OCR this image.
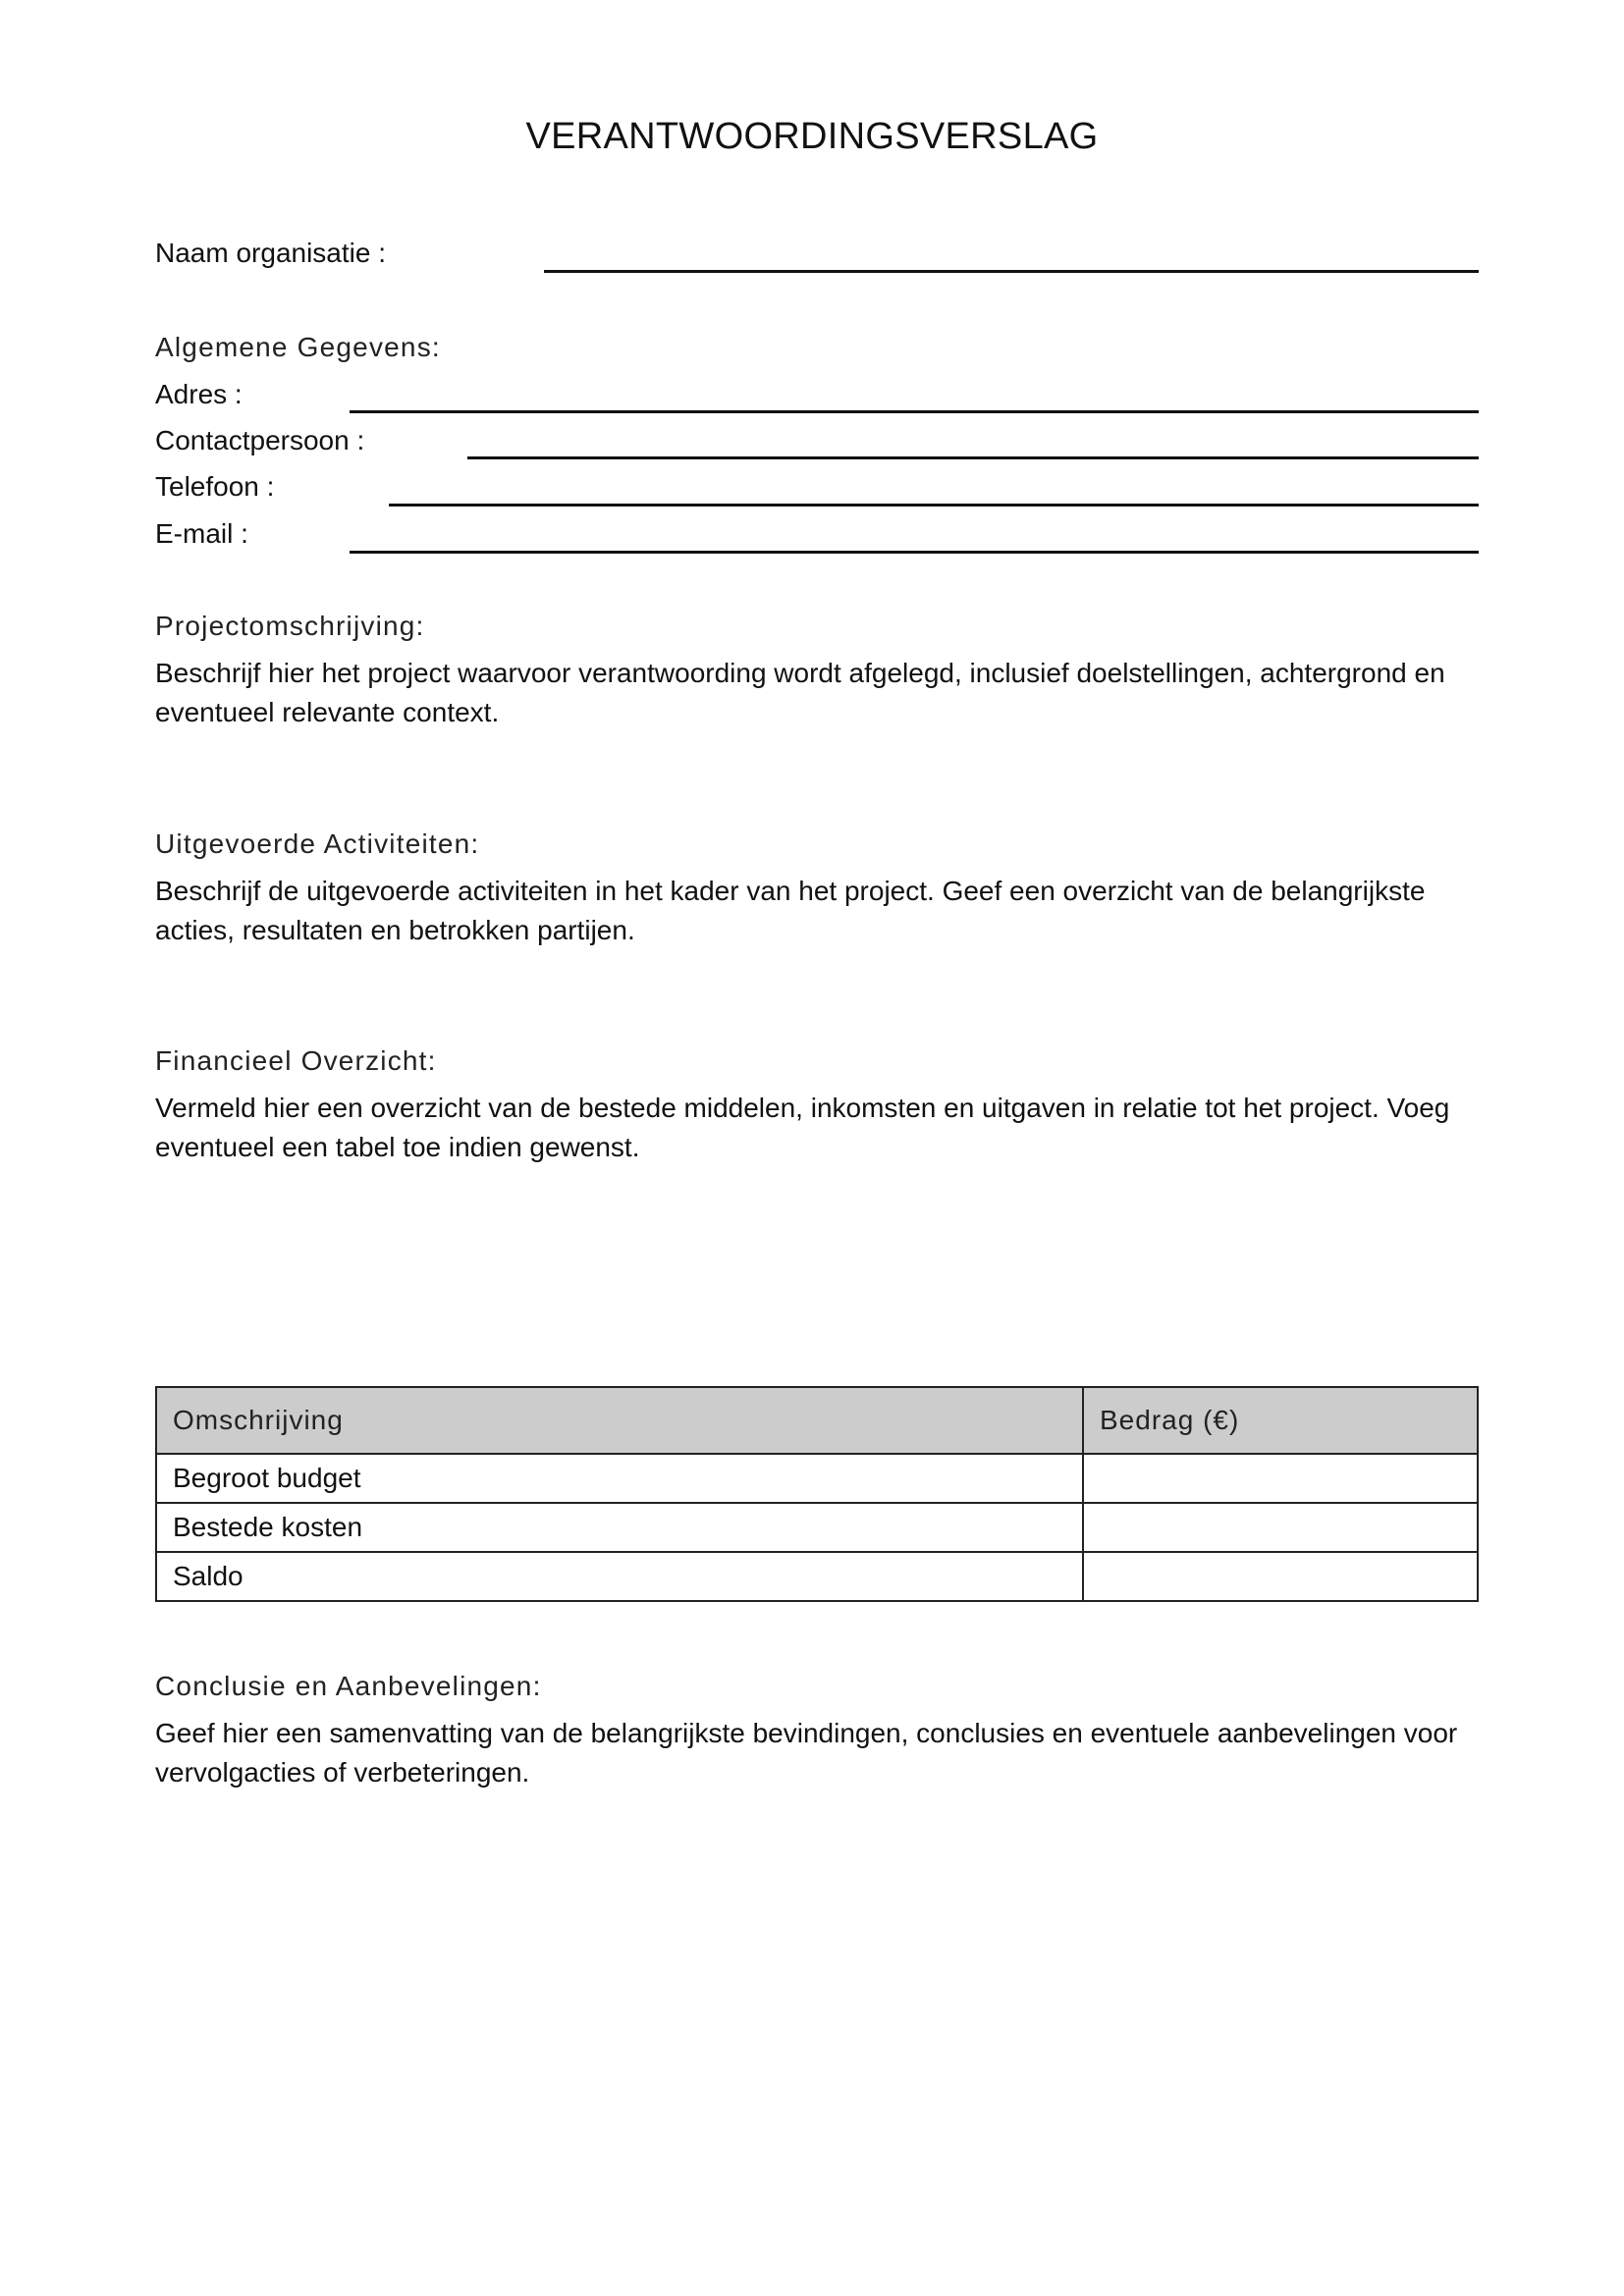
VERANTWOORDINGSVERSLAG
Naam organisatie :
Algemene Gegevens:
Adres :
Contactpersoon :
Telefoon :
E-mail :
Projectomschrijving:
Beschrijf hier het project waarvoor verantwoording wordt afgelegd, inclusief doelstellingen, achtergrond en eventueel relevante context.
Uitgevoerde Activiteiten:
Beschrijf de uitgevoerde activiteiten in het kader van het project. Geef een overzicht van de belangrijkste acties, resultaten en betrokken partijen.
Financieel Overzicht:
Vermeld hier een overzicht van de bestede middelen, inkomsten en uitgaven in relatie tot het project. Voeg eventueel een tabel toe indien gewenst.
Omschrijving	Bedrag (€)
Begroot budget	
Bestede kosten	
Saldo	
Conclusie en Aanbevelingen:
Geef hier een samenvatting van de belangrijkste bevindingen, conclusies en eventuele aanbevelingen voor vervolgacties of verbeteringen.
